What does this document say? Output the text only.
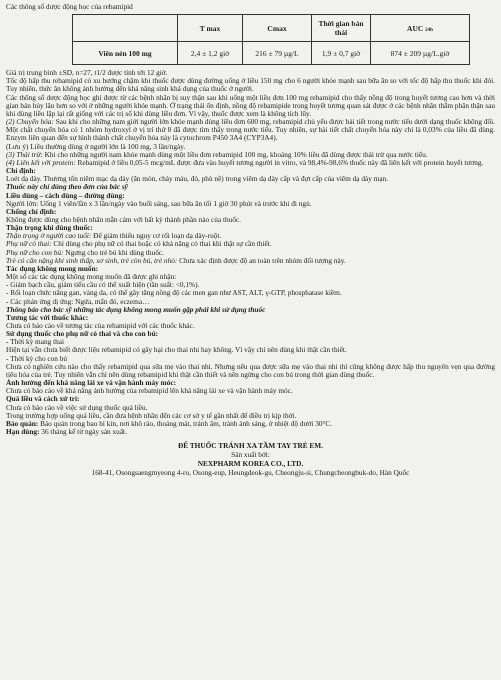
Các thông số dược động học của rebamipid

	T max	Cmax	Thời gian bán thải	AUC 24h
Viên nén 100 mg	2,4 ± 1,2 giờ	216 ± 79 µg/L	1,9 ± 0,7 giờ	874 ± 209 µg/L.giờ

Giá trị trung bình ±SD, n=27, t1/2 được tính tới 12 giờ.

Tốc độ hấp thu rebamipid có xu hướng chậm khi thuốc được dùng đường uống ở liều 150 mg cho 6 người khỏe mạnh sau bữa ăn so với tốc độ hấp thu thuốc khi đói. Tuy nhiên, thức ăn không ảnh hưởng đến khả năng sinh khả dụng của thuốc ở người.

Các thông số dược động học ghi được từ các bệnh nhân bị suy thận sau khi uống một liều đơn 100 mg rebamipid cho thấy nồng độ trong huyết tương cao hơn và thời gian bán hủy lâu hơn so với ở những người khỏe mạnh. Ở trạng thái ổn định, nồng độ rebamipide trong huyết tương quan sát được ở các bệnh nhân thẩm phân thận sau khi dùng liều lặp lại rất giống với các trị số khi dùng liều đơn. Vì vậy, thuốc được xem là không tích lũy.

(2) Chuyển hóa: Sau khi cho những nam giới người lớn khỏe mạnh dùng liều đơn 600 mg, rebamipid chủ yếu được bài tiết trong nước tiểu dưới dạng thuốc không đổi. Một chất chuyển hóa có 1 nhóm hydroxyl ở vị trí thứ 8 đã được tìm thấy trong nước tiểu. Tuy nhiên, sự bài tiết chất chuyển hóa này chỉ là 0,03% của liều đã dùng. Enzym liên quan đến sự hình thành chất chuyển hóa này là cytochrom P450 3A4 (CYP3A4).

(Lưu ý) Liều thường dùng ở người lớn là 100 mg, 3 lần/ngày.

(3) Thải trừ: Khi cho những người nam khỏe mạnh dùng một liều đơn rebamipid 100 mg, khoảng 10% liều đã dùng được thải trừ qua nước tiểu.

(4) Liên kết với protein: Rebamipid ở liều 0,05-5 mcg/mL được đưa vào huyết tương người in vitro, và 98,4%-98,6% thuốc này đã liên kết với protein huyết tương.

Chỉ định:

Loét dạ dày. Thương tổn niêm mạc dạ dày (ăn mòn, chảy máu, đỏ, phù nề) trong viêm dạ dày cấp và đợt cấp của viêm dạ dày mạn.

Thuốc này chỉ dùng theo đơn của bác sỹ

Liều dùng – cách dùng – đường dùng:

Người lớn: Uống 1 viên/lần x 3 lần/ngày vào buổi sáng, sau bữa ăn tối 1 giờ 30 phút và trước khi đi ngủ.

Chống chỉ định:

Không được dùng cho bệnh nhân mẫn cảm với bất kỳ thành phần nào của thuốc.

Thận trọng khi dùng thuốc:

Thận trọng ở người cao tuổi: Để giám thiểu nguy cơ rối loạn dạ dày-ruột.

Phụ nữ có thai: Chỉ dùng cho phụ nữ có thai hoặc có khả năng có thai khi thật sự cần thiết.

Phụ nữ cho con bú: Ngưng cho trẻ bú khi dùng thuốc.

Trẻ có cân nặng khi sinh thấp, sơ sinh, trẻ còn bú, trẻ nhỏ: Chưa xác định được độ an toàn trên nhóm đối tượng này.

Tác dụng không mong muốn:

Một số các tác dụng không mong muốn đã được ghi nhận:

- Giảm bạch cầu, giảm tiểu cầu có thể xuất hiện (tần suất: <0,1%).

- Rối loạn chức năng gan, vàng da, có thể gây tăng nồng độ các men gan như AST, ALT, γ-GTP, phosphatase kiềm.

- Các phản ứng dị ứng: Ngứa, mẩn đỏ, eczema…

Thông báo cho bác sỹ những tác dụng không mong muốn gặp phải khi sử dụng thuốc

Tương tác với thuốc khác:

Chưa có báo cáo về tương tác của rebamipid với các thuốc khác.

Sử dụng thuốc cho phụ nữ có thai và cho con bú:

- Thời kỳ mang thai

Hiện tại vẫn chưa biết được liệu rebamipid có gây hại cho thai nhi hay không. Vì vậy chỉ nên dùng khi thật cần thiết.

- Thời kỳ cho con bú

Chưa có nghiên cứu nào cho thấy rebamipid qua sữa mẹ vào thai nhi. Nhưng nếu qua được sữa mẹ vào thai nhi thì cũng không được hấp thu nguyên vẹn qua đường tiêu hóa của trẻ. Tuy nhiên vẫn chỉ nên dùng rebamipid khi thật cần thiết và nên ngừng cho con bú trong thời gian dùng thuốc.

Ảnh hưởng đến khả năng lái xe và vận hành máy móc:

Chưa có báo cáo về khả năng ảnh hưởng của rebamipid lên khả năng lái xe và vận hành máy móc.

Quá liều và cách xử trí:

Chưa có báo cáo về việc sử dụng thuốc quá liều.

Trong trường hợp uống quá liều, cần đưa bệnh nhân đến các cơ sở y tế gần nhất để điều trị kịp thời.

Bảo quản: Bảo quản trong bao bì kín, nơi khô ráo, thoáng mát, tránh ẩm, tránh ánh sáng, ở nhiệt độ dưới 30°C.

Hạn dùng: 36 tháng kể từ ngày sản xuất.

ĐỂ THUỐC TRÁNH XA TẦM TAY TRẺ EM.

Sản xuất bởi:

NEXPHARM KOREA CO., LTD.

168-41, Osongsaengmyeong 4-ro, Osong-eup, Heungdeok-gu, Cheongju-si, Chungcheongbuk-do, Hàn Quốc
